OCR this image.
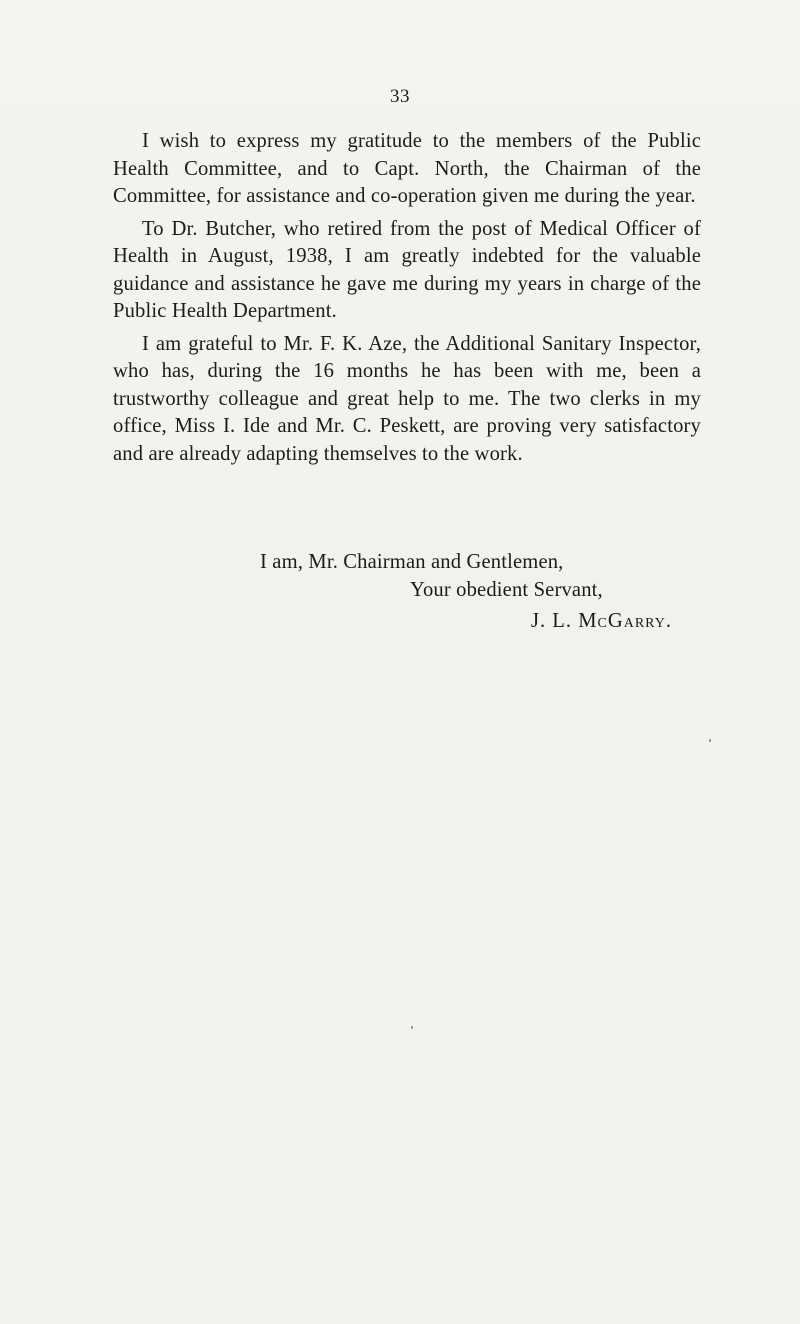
33

I wish to express my gratitude to the members of the Public Health Committee, and to Capt. North, the Chairman of the Committee, for assistance and co-operation given me during the year.

To Dr. Butcher, who retired from the post of Medical Officer of Health in August, 1938, I am greatly indebted for the valuable guidance and assistance he gave me during my years in charge of the Public Health Department.

I am grateful to Mr. F. K. Aze, the Additional Sanitary Inspector, who has, during the 16 months he has been with me, been a trustworthy colleague and great help to me. The two clerks in my office, Miss I. Ide and Mr. C. Peskett, are proving very satisfactory and are already adapting themselves to the work.

I am, Mr. Chairman and Gentlemen,
Your obedient Servant,
J. L. McGarry.
